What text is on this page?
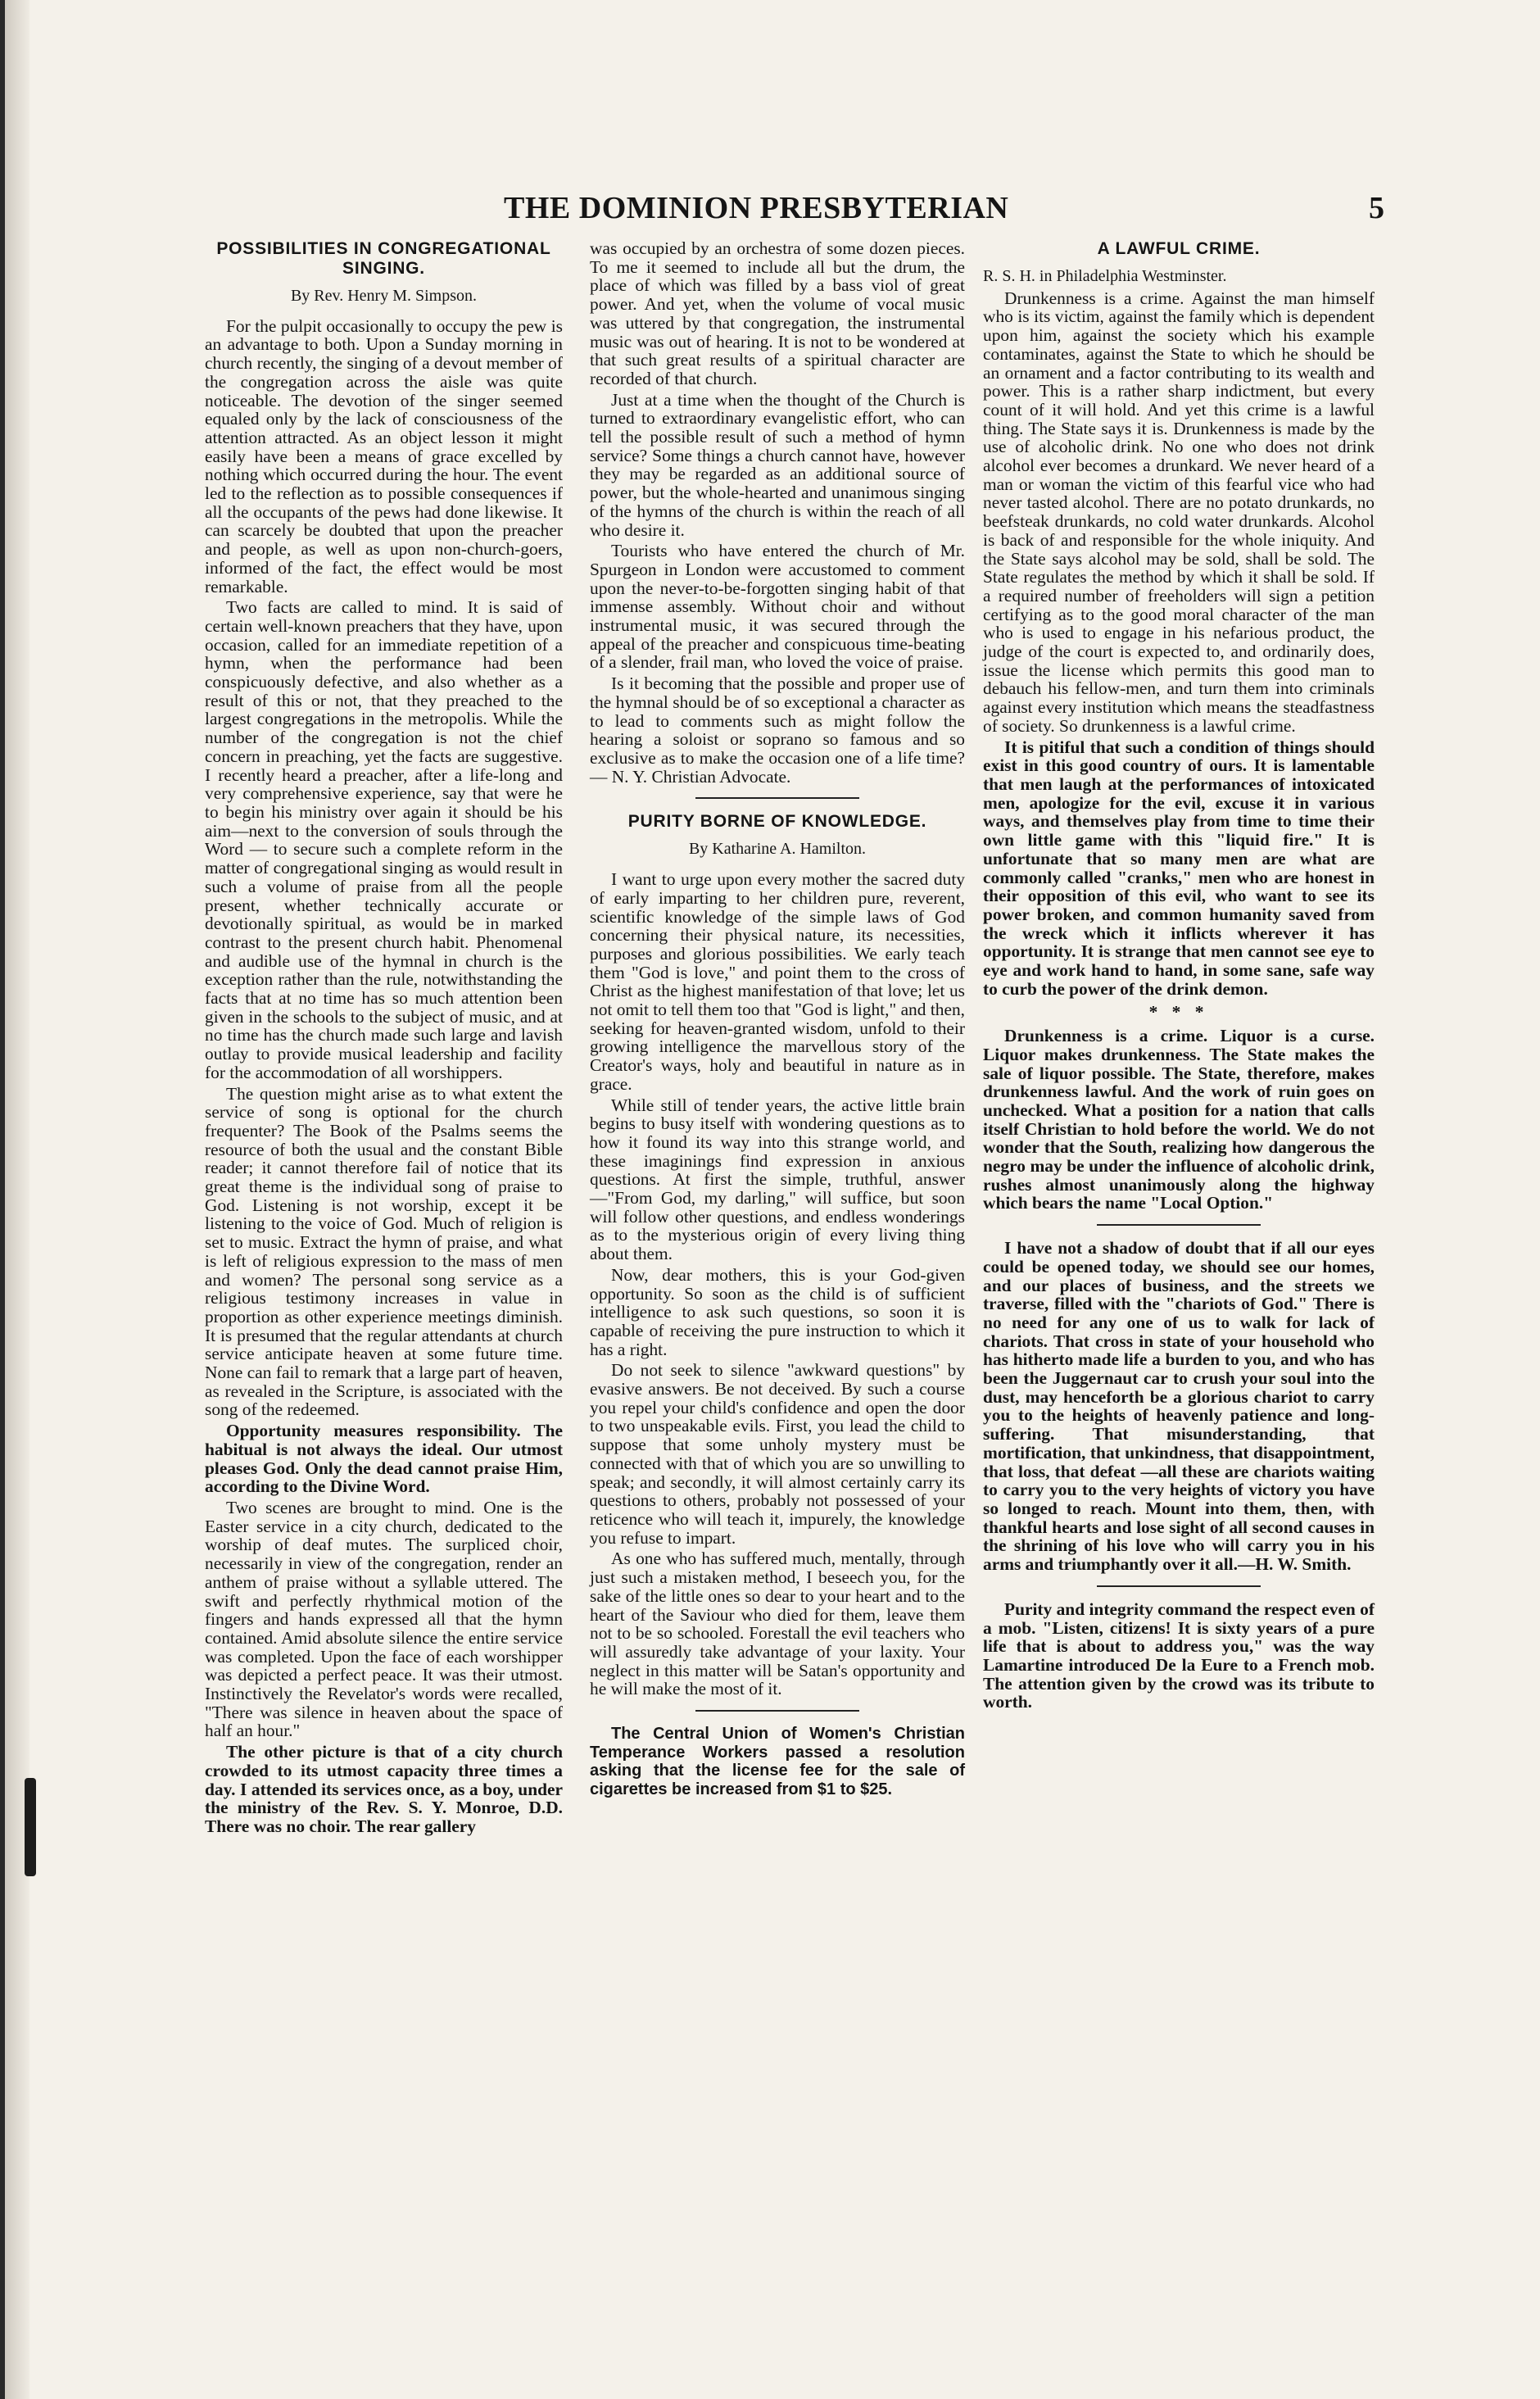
THE DOMINION PRESBYTERIAN	5
POSSIBILITIES IN CONGREGATIONAL SINGING.
By Rev. Henry M. Simpson.

For the pulpit occasionally to occupy the pew is an advantage to both. Upon a Sunday morning in church recently, the singing of a devout member of the congregation across the aisle was quite noticeable. The devotion of the singer seemed equaled only by the lack of consciousness of the attention attracted. As an object lesson it might easily have been a means of grace excelled by nothing which occurred during the hour. The event led to the reflection as to possible consequences if all the occupants of the pews had done likewise. It can scarcely be doubted that upon the preacher and people, as well as upon non-church-goers, informed of the fact, the effect would be most remarkable.

Two facts are called to mind. It is said of certain well-known preachers that they have, upon occasion, called for an immediate repetition of a hymn, when the performance had been conspicuously defective, and also whether as a result of this or not, that they preached to the largest congregations in the metropolis. While the number of the congregation is not the chief concern in preaching, yet the facts are suggestive. I recently heard a preacher, after a life-long and very comprehensive experience, say that were he to begin his ministry over again it should be his aim—next to the conversion of souls through the Word — to secure such a complete reform in the matter of congregational singing as would result in such a volume of praise from all the people present, whether technically accurate or devotionally spiritual, as would be in marked contrast to the present church habit. Phenomenal and audible use of the hymnal in church is the exception rather than the rule, notwithstanding the facts that at no time has so much attention been given in the schools to the subject of music, and at no time has the church made such large and lavish outlay to provide musical leadership and facility for the accommodation of all worshippers.

The question might arise as to what extent the service of song is optional for the church frequenter? The Book of the Psalms seems the resource of both the usual and the constant Bible reader; it cannot therefore fail of notice that its great theme is the individual song of praise to God. Listening is not worship, except it be listening to the voice of God. Much of religion is set to music. Extract the hymn of praise, and what is left of religious expression to the mass of men and women? The personal song service as a religious testimony increases in value in proportion as other experience meetings diminish. It is presumed that the regular attendants at church service anticipate heaven at some future time. None can fail to remark that a large part of heaven, as revealed in the Scripture, is associated with the song of the redeemed.

Opportunity measures responsibility. The habitual is not always the ideal. Our utmost pleases God. Only the dead cannot praise Him, according to the Divine Word.

Two scenes are brought to mind. One is the Easter service in a city church, dedicated to the worship of deaf mutes. The surpliced choir, necessarily in view of the congregation, render an anthem of praise without a syllable uttered. The swift and perfectly rhythmical motion of the fingers and hands expressed all that the hymn contained. Amid absolute silence the entire service was completed. Upon the face of each worshipper was depicted a perfect peace. It was their utmost. Instinctively the Revelator's words were recalled, "There was silence in heaven about the space of half an hour."

The other picture is that of a city church crowded to its utmost capacity three times a day. I attended its services once, as a boy, under the ministry of the Rev. S. Y. Monroe, D.D. There was no choir. The rear gallery

was occupied by an orchestra of some dozen pieces. To me it seemed to include all but the drum, the place of which was filled by a bass viol of great power. And yet, when the volume of vocal music was uttered by that congregation, the instrumental music was out of hearing. It is not to be wondered at that such great results of a spiritual character are recorded of that church.

Just at a time when the thought of the Church is turned to extraordinary evangelistic effort, who can tell the possible result of such a method of hymn service? Some things a church cannot have, however they may be regarded as an additional source of power, but the whole-hearted and unanimous singing of the hymns of the church is within the reach of all who desire it.

Tourists who have entered the church of Mr. Spurgeon in London were accustomed to comment upon the never-to-be-forgotten singing habit of that immense assembly. Without choir and without instrumental music, it was secured through the appeal of the preacher and conspicuous time-beating of a slender, frail man, who loved the voice of praise.

Is it becoming that the possible and proper use of the hymnal should be of so exceptional a character as to lead to comments such as might follow the hearing a soloist or soprano so famous and so exclusive as to make the occasion one of a life time? — N. Y. Christian Advocate.

PURITY BORNE OF KNOWLEDGE.
By Katharine A. Hamilton.

I want to urge upon every mother the sacred duty of early imparting to her children pure, reverent, scientific knowledge of the simple laws of God concerning their physical nature, its necessities, purposes and glorious possibilities. We early teach them "God is love," and point them to the cross of Christ as the highest manifestation of that love; let us not omit to tell them too that "God is light," and then, seeking for heaven-granted wisdom, unfold to their growing intelligence the marvellous story of the Creator's ways, holy and beautiful in nature as in grace.

While still of tender years, the active little brain begins to busy itself with wondering questions as to how it found its way into this strange world, and these imaginings find expression in anxious questions. At first the simple, truthful, answer—"From God, my darling," will suffice, but soon will follow other questions, and endless wonderings as to the mysterious origin of every living thing about them.

Now, dear mothers, this is your God-given opportunity. So soon as the child is of sufficient intelligence to ask such questions, so soon it is capable of receiving the pure instruction to which it has a right.

Do not seek to silence "awkward questions" by evasive answers. Be not deceived. By such a course you repel your child's confidence and open the door to two unspeakable evils. First, you lead the child to suppose that some unholy mystery must be connected with that of which you are so unwilling to speak; and secondly, it will almost certainly carry its questions to others, probably not possessed of your reticence who will teach it, impurely, the knowledge you refuse to impart.

As one who has suffered much, mentally, through just such a mistaken method, I beseech you, for the sake of the little ones so dear to your heart and to the heart of the Saviour who died for them, leave them not to be so schooled. Forestall the evil teachers who will assuredly take advantage of your laxity. Your neglect in this matter will be Satan's opportunity and he will make the most of it.

The Central Union of Women's Christian Temperance Workers passed a resolution asking that the license fee for the sale of cigarettes be increased from $1 to $25.

A LAWFUL CRIME.
R. S. H. in Philadelphia Westminster.

Drunkenness is a crime. Against the man himself who is its victim, against the family which is dependent upon him, against the society which his example contaminates, against the State to which he should be an ornament and a factor contributing to its wealth and power. This is a rather sharp indictment, but every count of it will hold. And yet this crime is a lawful thing. The State says it is. Drunkenness is made by the use of alcoholic drink. No one who does not drink alcohol ever becomes a drunkard. We never heard of a man or woman the victim of this fearful vice who had never tasted alcohol. There are no potato drunkards, no beefsteak drunkards, no cold water drunkards. Alcohol is back of and responsible for the whole iniquity. And the State says alcohol may be sold, shall be sold. The State regulates the method by which it shall be sold. If a required number of freeholders will sign a petition certifying as to the good moral character of the man who is used to engage in his nefarious product, the judge of the court is expected to, and ordinarily does, issue the license which permits this good man to debauch his fellow-men, and turn them into criminals against every institution which means the steadfastness of society. So drunkenness is a lawful crime.

It is pitiful that such a condition of things should exist in this good country of ours. It is lamentable that men laugh at the performances of intoxicated men, apologize for the evil, excuse it in various ways, and themselves play from time to time their own little game with this "liquid fire." It is unfortunate that so many men are what are commonly called "cranks," men who are honest in their opposition of this evil, who want to see its power broken, and common humanity saved from the wreck which it inflicts wherever it has opportunity. It is strange that men cannot see eye to eye and work hand to hand, in some sane, safe way to curb the power of the drink demon.

* * *

Drunkenness is a crime. Liquor is a curse. Liquor makes drunkenness. The State makes the sale of liquor possible. The State, therefore, makes drunkenness lawful. And the work of ruin goes on unchecked. What a position for a nation that calls itself Christian to hold before the world. We do not wonder that the South, realizing how dangerous the negro may be under the influence of alcoholic drink, rushes almost unanimously along the highway which bears the name "Local Option."

I have not a shadow of doubt that if all our eyes could be opened today, we should see our homes, and our places of business, and the streets we traverse, filled with the "chariots of God." There is no need for any one of us to walk for lack of chariots. That cross in state of your household who has hitherto made life a burden to you, and who has been the Juggernaut car to crush your soul into the dust, may henceforth be a glorious chariot to carry you to the heights of heavenly patience and long-suffering. That misunderstanding, that mortification, that unkindness, that disappointment, that loss, that defeat —all these are chariots waiting to carry you to the very heights of victory you have so longed to reach. Mount into them, then, with thankful hearts and lose sight of all second causes in the shrining of his love who will carry you in his arms and triumphantly over it all.—H. W. Smith.

Purity and integrity command the respect even of a mob. "Listen, citizens! It is sixty years of a pure life that is about to address you," was the way Lamartine introduced De la Eure to a French mob. The attention given by the crowd was its tribute to worth.
